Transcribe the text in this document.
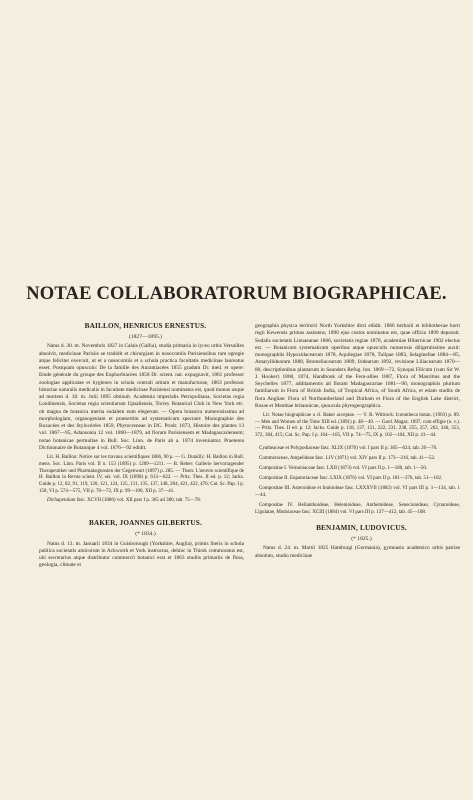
NOTAE COLLABORATORUM BIOGRAPHICAE.

BAILLON, HENRICUS ERNESTUS.

(1827—1895.)

Natus d. 30. m. Novembris 1827 in Calais (Gallia), studia primaria in lyceo urbis Versailles absolvit, medicinae Parisiis se tradidit et chirurgiam in nosocomiis Parisiensibus tum egregie atque feliciter exercuit, ut et a nosocomiis et a schola practica facultatis medicinae laureatus esset. Postquam opusculo: De la famille des Aurantiacées 1855 gradum Dr. med. et opere: Etude générale du groupe des Euphorbiacées 1858 Dr. scient. nat. expugnavit, 1861 professor zoologiae applicatae et hygienes in schola centrali artium et manufacturae, 1863 professor historiae naturalis medicalis in facultate medicinae Parisiensi nominatus est, quod munus usque ad mortem d. 18. m. Julii 1895 obtinuit. Academia imperialis Petropolitana, Societas regia Londinensis, Societas regia scientiarum Upsaliensis, Torrey Botanical Club in New York etc. ob magna de botanica merita sodalem eum elegerunt. — Opera botanica numerosissima ad morphologiam, organogeniam et praesertim ad systematicam spectant: Monographie des Buxacées et des Stylocérées 1859, Phytocreneae in DC. Prodr. 1873, Histoire des plantes 13 vol. 1867—95, Adansonia 12 vol. 1860—1879, ad floram Parisiensem et Madagascariensem; notae botanicae permultae in Bull. Soc. Linn. de Paris ab a. 1874 inveniuntur. Praeterea Dictionnaire de Botanique 4 vol. 1876—92 edidit.

Lit. H. Baillon: Notice sur les travaux scientifiques 1866, 90 p. — G. Dutailly: H. Baillon in Bull. mens. Soc. Linn. Paris vol. II n. 153 (1895) p. 1209—1211. — B. Reber: Gallerie hervorragender Therapeutiker und Pharmakognosten der Gegenwart (1897) p. 285. — Tison: L'oeuvre scientifique de H. Baillon in Revue scient. IV, sér. vol. IX (1898) p. 613—622. — Pritz. Thes. II ed. p. 12; Jacks. Guide p. 12, 82, 91, 119, 120, 121, 124, 125, 131, 135, 137, 148, 204, 421, 422, 476; Cat. Sc. Pap. I p. 158, VI p. 574—575, VII p. 70—72, IX p. 99—100, XII p. 37—41.

Dichapetalum fasc. XCVII (1886) vol. XII pars I p. 365 ad 380, tab. 75—78.

BAKER, JOANNES GILBERTUS.

(* 1834.)

Natus d. 13. m. Januarii 1834 in Guisborough (Yorkshire, Anglia), primis literis in schola publica societatis amicorum in Ackworth et York instructus, dehinc in Thirsk commoratus est, ubi secretarius atque distributor commercii botanici erat et 1863 studiis primariis de flora, geologia, climate et

geographia physica territorii North Yorkshire dicti edidit. 1866 herbarii et bibliothecae horti regii Kewensis primus assistens, 1890 ejus custos nominatus est, quae officia 1899 deposuit. Sodalis societatis Linnaeanae 1866, societatis regiae 1878, academiae Hibernicae 1902 electus est. — Botanicam systematicam operibus atque opusculis numerosis diligentissime auxit: monographiis Hypoxidacearum 1878, Aquilegiae 1878, Tulipae 1883, Selaginellae 1884—85, Amaryllidearum 1888, Bromeliacearum 1889, Iridearum 1892, revisione Liliacearum 1870—80, descriptionibus plantarum in Saunders Refug. bot. 1869—72, Synopsi Filicum (cum Sir W. J. Hooker) 1868, 1874, Handbook of the Fern-allies 1887, Flora of Mauritius and the Seychelles 1877, additamentis ad floram Madagascariae 1881—90, monographiis plurium familiarum in Flora of British India, of Tropical Africa, of South Africa, et etiam studiis de flora Angliae: Flora of Northumberland and Durham et Flora of the English Lake district, Rosae et Menthae britannicae, quoucula phytogeographica.

Lit. Notae biographicae a cl. Baker acceptae. — V. B. Wittrock: Iconotheca botan. (1903) p. 89. — Men and Women of the Time XIII ed. (1891) p. 48—49. — Gard. Magaz. 1897, cum effigie (n. v.). — Pritz. Thes. II ed. p. 12; Jacks. Guide p. 118, 137, 151, 222, 231, 238, 255, 257, 262, 346, 353, 372, 384, 415; Cat. Sc. Pap. I p. 164—165, VII p. 74—75, IX p. 102—104, XII p. 41—44.

Cyatheaceae et Polypodiaceae fasc. XLIX (1870) vol. I pars II p. 305—624, tab. 20—70.

Commeraceae, Ampelideae fasc. LIV (1871) vol. XIV pars II p. 173—216, tab. 41—52.

Compositae I. Vernoniaceae fasc. LXII (1873) vol. VI pars II p. 1—180, tab. 1—50.

Compositae II. Eupatoriaceae fasc. LXIX (1876) vol. VI pars II p. 181—376, tab. 51—102.

Compositae III. Asteroideae et Inuloideae fasc. LXXXVII (1882) vol. VI pars III p. 1—134, tab. 1—44.

Compositae IV. Helianthoideae, Helenioideae, Anthemideae, Senecionideae, Cynaroideae, Ligulatae, Mutisiaceae fasc. XCIII (1884) vol. VI pars III p. 137—412, tab. 45—108.

BENJAMIN, LUDOVICUS.

(* 1825.)

Natus d. 24. m. Martii 1825 Hamburgi (Germania), gymnasio academico urbis patriae absoluto, studio medicinae
